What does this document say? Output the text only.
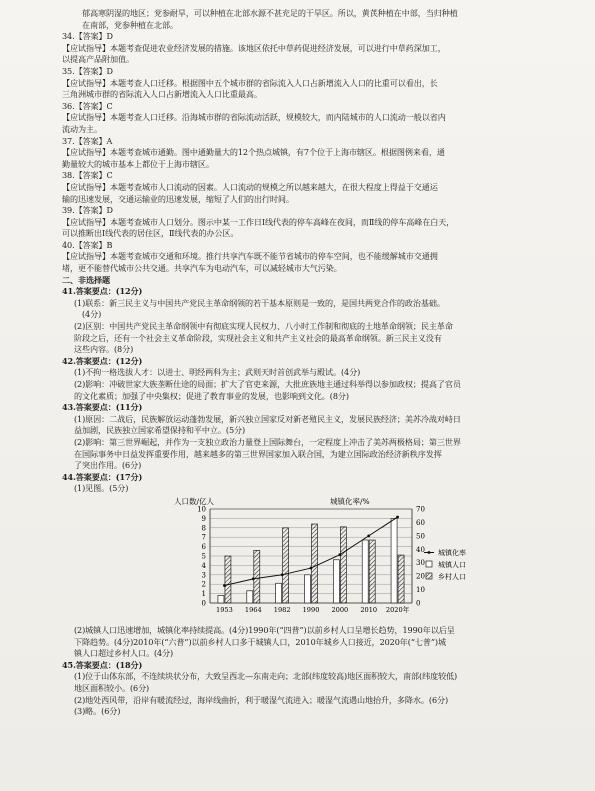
郁高寒阴湿的地区；党参耐旱，可以种植在北部水源不甚充足的干旱区。所以，黄芪种植在中部，当归种植
在南部，党参种植在北部。
34.【答案】D
【应试指导】本题考查促进农业经济发展的措施。该地区依托中草药促进经济发展，可以进行中草药深加工，
以提高产品附加值。
35.【答案】D
【应试指导】本题考查人口迁移。根据图中五个城市群的省际流入人口占新增流入人口的比重可以看出，长
三角洲城市群的省际流入人口占新增流入人口比重最高。
36.【答案】C
【应试指导】本题考查人口迁移。沿海城市群的省际流动活跃，规模较大，而内陆城市的人口流动一般以省内
流动为主。
37.【答案】A
【应试指导】本题考查城市通勤。图中通勤量大的12个热点城镇，有7个位于上海市辖区。根据图例来看，通
勤量较大的城市基本上都位于上海市辖区。
38.【答案】C
【应试指导】本题考查城市人口流动的因素。人口流动的规模之所以越来越大，在很大程度上得益于交通运
输的迅速发展，交通运输业的迅速发展，缩短了人们的出行时间。
39.【答案】D
【应试指导】本题考查城市人口划分。图示中某一工作日Ⅰ线代表的停车高峰在夜间，而Ⅱ线的停车高峰在白天，
可以推断出Ⅰ线代表的居住区，Ⅱ线代表的办公区。
40.【答案】B
【应试指导】本题考查城市交通和环境。推行共享汽车既不能节省城市的停车空间，也不能缓解城市交通拥
堵，更不能替代城市公共交通。共享汽车为电动汽车，可以减轻城市大气污染。
二、非选择题
41.答案要点：(12分)
(1)联系：新三民主义与中国共产党民主革命纲领的若干基本原则是一致的，是国共两党合作的政治基础。
(4分)
(2)区别：中国共产党民主革命纲领中有彻底实现人民权力、八小时工作制和彻底的土地革命纲领；民主革命
阶段之后，还有一个社会主义革命阶段，实现社会主义和共产主义社会的最高革命纲领。新三民主义没有
这些内容。(8分)
42.答案要点：(12分)
(1)不拘一格选拔人才：以进士、明经两科为主；武则天时首创武举与殿试。(4分)
(2)影响：冲破世家大族垄断仕途的局面；扩大了官吏来源，大批庶族地主通过科举得以参加政权；提高了官员
的文化素质；加强了中央集权；促进了教育事业的发展，也影响到文化。(8分)
43.答案要点：(11分)
(1)原因：二战后，民族解放运动蓬勃发展，新兴独立国家反对新老殖民主义，发展民族经济；美苏冷战对峙日
益加剧，民族独立国家希望保持和平中立。(5分)
(2)影响：第三世界崛起，并作为一支独立政治力量登上国际舞台，一定程度上冲击了美苏两极格局；第三世界
在国际事务中日益发挥重要作用，越来越多的第三世界国家加入联合国，为建立国际政治经济新秩序发挥
了突出作用。(6分)
44.答案要点：(17分)
(1)见图。(5分)
人口数/亿人	城镇化率/%
0
1
2
3
4
5
6
7
8
9
10
0
10
20
30
40
50
60
70
1953 1964 1982 1990 2000 2010 2020年
城镇化率
城镇人口
乡村人口
(2)城镇人口迅速增加，城镇化率持续提高。(4分)1990年(“四普”)以前乡村人口呈增长趋势，1990年以后呈
下降趋势。(4分)2010年(“六普”)以前乡村人口多于城镇人口，2010年城乡人口接近，2020年(“七普”)城
镇人口超过乡村人口。(4分)
45.答案要点：(18分)
(1)位于山体东部，不连续块状分布，大致呈西北—东南走向；北部(纬度较高)地区面积较大，南部(纬度较低)
地区面积较小。(6分)
(2)地处西风带，沿岸有暖流经过，海岸线曲折，利于暖湿气流进入；暖湿气流遇山地抬升，多降水。(6分)
(3)略。(6分)
